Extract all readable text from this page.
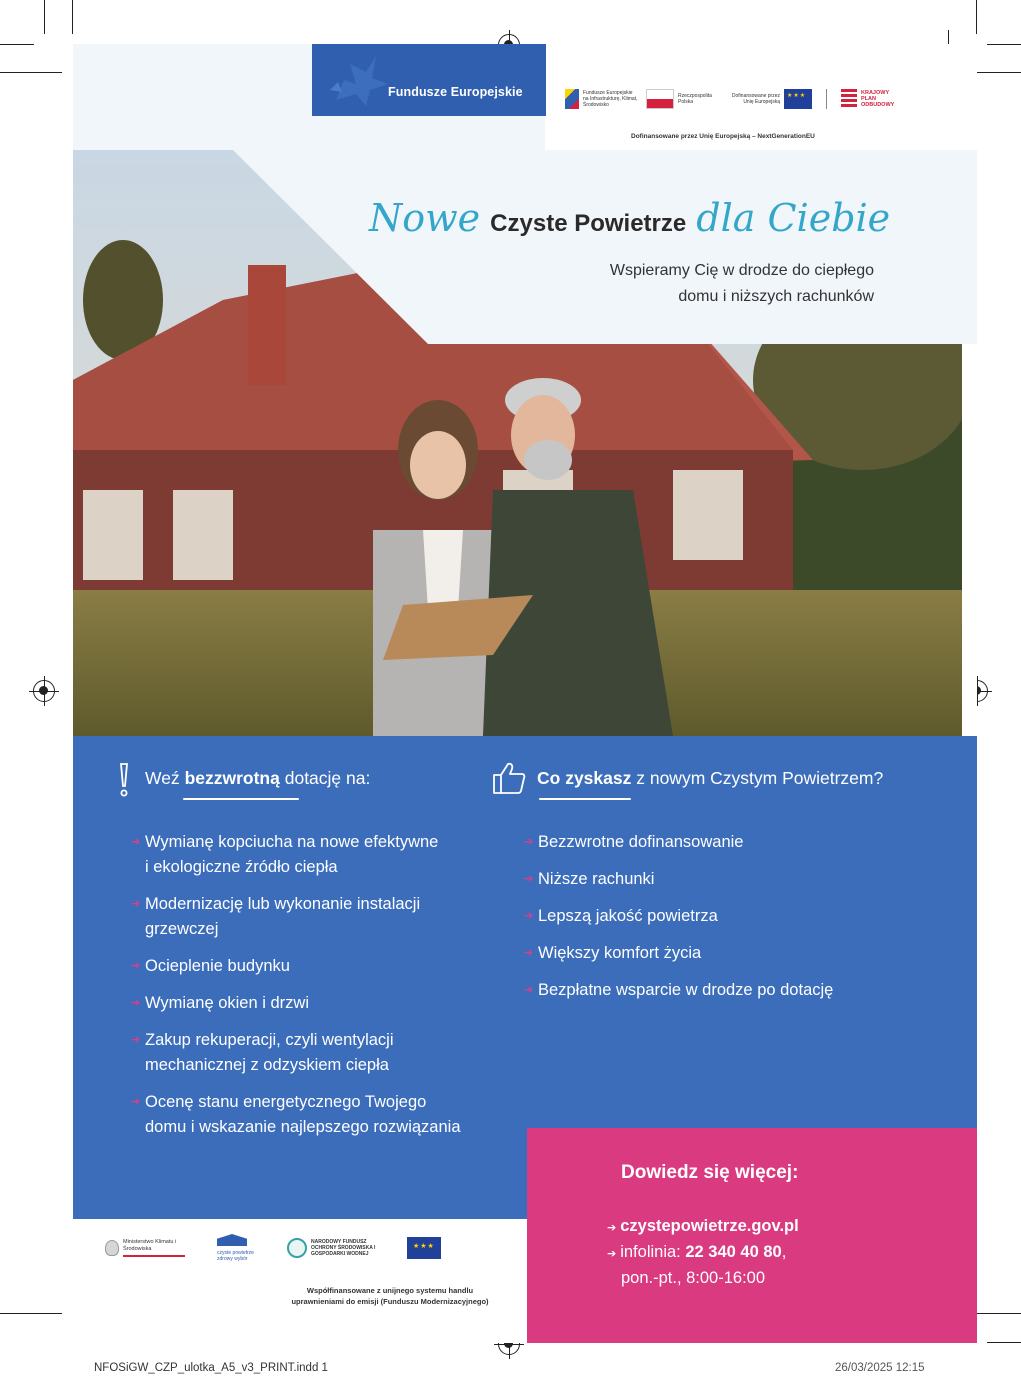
Fundusze Europejskie	Fundusze Europejskie na Infrastrukturę, Klimat, Środowisko
Rzeczpospolita Polska
Dofinansowane przez Unię Europejską
★★★
KRAJOWY PLAN ODBUDOWY
Dofinansowane przez Unię Europejską – NextGenerationEU
Nowe Czyste Powietrze dla Ciebie
Wspieramy Cię w drodze do ciepłego
domu i niższych rachunków
Weź bezzwrotną dotację na:
➔ Wymianę kopciucha na nowe efektywne
i ekologiczne źródło ciepła
➔ Modernizację lub wykonanie instalacji
grzewczej
➔ Ocieplenie budynku
➔ Wymianę okien i drzwi
➔ Zakup rekuperacji, czyli wentylacji
mechanicznej z odzyskiem ciepła
➔ Ocenę stanu energetycznego Twojego
domu i wskazanie najlepszego rozwiązania
Co zyskasz z nowym Czystym Powietrzem?
➔ Bezzwrotne dofinansowanie
➔ Niższe rachunki
➔ Lepszą jakość powietrza
➔ Większy komfort życia
➔ Bezpłatne wsparcie w drodze po dotację
Dowiedz się więcej:
➔ czystepowietrze.gov.pl
➔ infolinia: 22 340 40 80,
pon.-pt., 8:00-16:00
Ministerstwo Klimatu i Środowiska
czyste powietrze zdrowy wybór
NARODOWY FUNDUSZ OCHRONY ŚRODOWISKA I GOSPODARKI WODNEJ
★★★
Współfinansowane z unijnego systemu handlu
uprawnieniami do emisji (Funduszu Modernizacyjnego)
NFOSiGW_CZP_ulotka_A5_v3_PRINT.indd 1	26/03/2025 12:15
